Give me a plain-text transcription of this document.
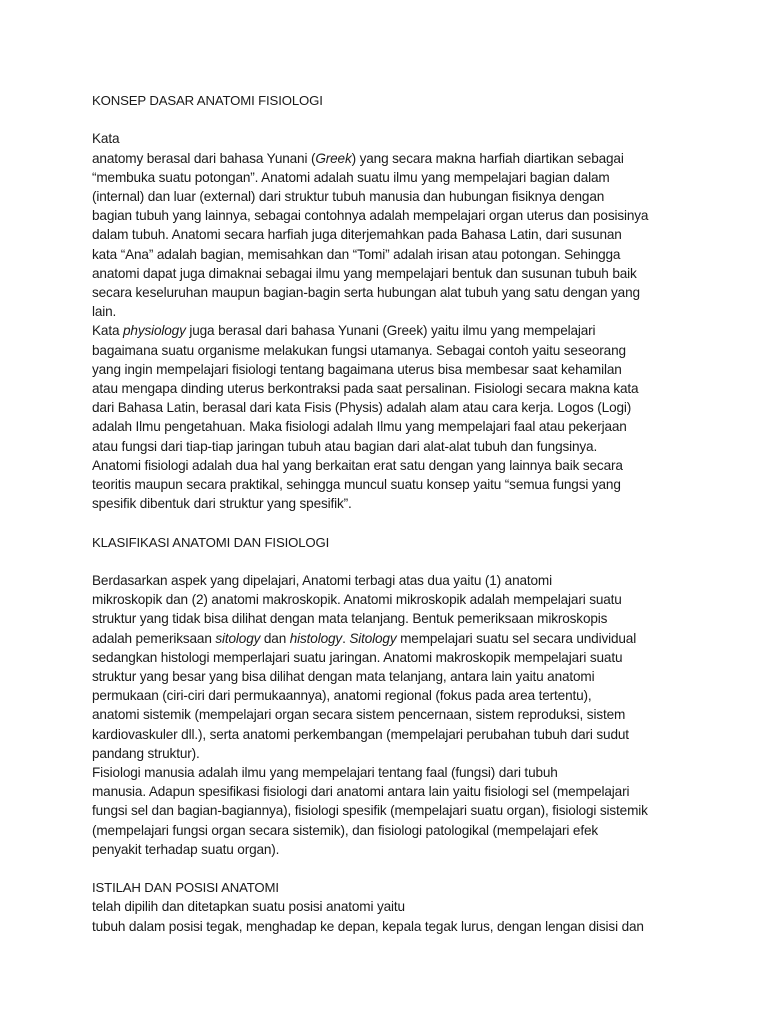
KONSEP DASAR ANATOMI FISIOLOGI

Kata

anatomy berasal dari bahasa Yunani (Greek) yang secara makna harfiah diartikan sebagai

“membuka suatu potongan”. Anatomi adalah suatu ilmu yang mempelajari bagian dalam

(internal) dan luar (external) dari struktur tubuh manusia dan hubungan fisiknya dengan

bagian tubuh yang lainnya, sebagai contohnya adalah mempelajari organ uterus dan posisinya

dalam tubuh. Anatomi secara harfiah juga diterjemahkan pada Bahasa Latin, dari susunan

kata “Ana” adalah bagian, memisahkan dan “Tomi” adalah irisan atau potongan. Sehingga

anatomi dapat juga dimaknai sebagai ilmu yang mempelajari bentuk dan susunan tubuh baik

secara keseluruhan maupun bagian-bagin serta hubungan alat tubuh yang satu dengan yang

lain.

Kata physiology juga berasal dari bahasa Yunani (Greek) yaitu ilmu yang mempelajari

bagaimana suatu organisme melakukan fungsi utamanya. Sebagai contoh yaitu seseorang

yang ingin mempelajari fisiologi tentang bagaimana uterus bisa membesar saat kehamilan

atau mengapa dinding uterus berkontraksi pada saat persalinan. Fisiologi secara makna kata

dari Bahasa Latin, berasal dari kata Fisis (Physis) adalah alam atau cara kerja. Logos (Logi)

adalah Ilmu pengetahuan. Maka fisiologi adalah Ilmu yang mempelajari faal atau pekerjaan

atau fungsi dari tiap-tiap jaringan tubuh atau bagian dari alat-alat tubuh dan fungsinya.

Anatomi fisiologi adalah dua hal yang berkaitan erat satu dengan yang lainnya baik secara

teoritis maupun secara praktikal, sehingga muncul suatu konsep yaitu “semua fungsi yang

spesifik dibentuk dari struktur yang spesifik”.

KLASIFIKASI ANATOMI DAN FISIOLOGI

Berdasarkan aspek yang dipelajari, Anatomi terbagi atas dua yaitu (1) anatomi

mikroskopik dan (2) anatomi makroskopik. Anatomi mikroskopik adalah mempelajari suatu

struktur yang tidak bisa dilihat dengan mata telanjang. Bentuk pemeriksaan mikroskopis

adalah pemeriksaan sitology dan histology. Sitology mempelajari suatu sel secara undividual

sedangkan histologi memperlajari suatu jaringan. Anatomi makroskopik mempelajari suatu

struktur yang besar yang bisa dilihat dengan mata telanjang, antara lain yaitu anatomi

permukaan (ciri-ciri dari permukaannya), anatomi regional (fokus pada area tertentu),

anatomi sistemik (mempelajari organ secara sistem pencernaan, sistem reproduksi, sistem

kardiovaskuler dll.), serta anatomi perkembangan (mempelajari perubahan tubuh dari sudut

pandang struktur).

Fisiologi manusia adalah ilmu yang mempelajari tentang faal (fungsi) dari tubuh

manusia. Adapun spesifikasi fisiologi dari anatomi antara lain yaitu fisiologi sel (mempelajari

fungsi sel dan bagian-bagiannya), fisiologi spesifik (mempelajari suatu organ), fisiologi sistemik

(mempelajari fungsi organ secara sistemik), dan fisiologi patologikal (mempelajari efek

penyakit terhadap suatu organ).

ISTILAH DAN POSISI ANATOMI

telah dipilih dan ditetapkan suatu posisi anatomi yaitu

tubuh dalam posisi tegak, menghadap ke depan, kepala tegak lurus, dengan lengan disisi dan
